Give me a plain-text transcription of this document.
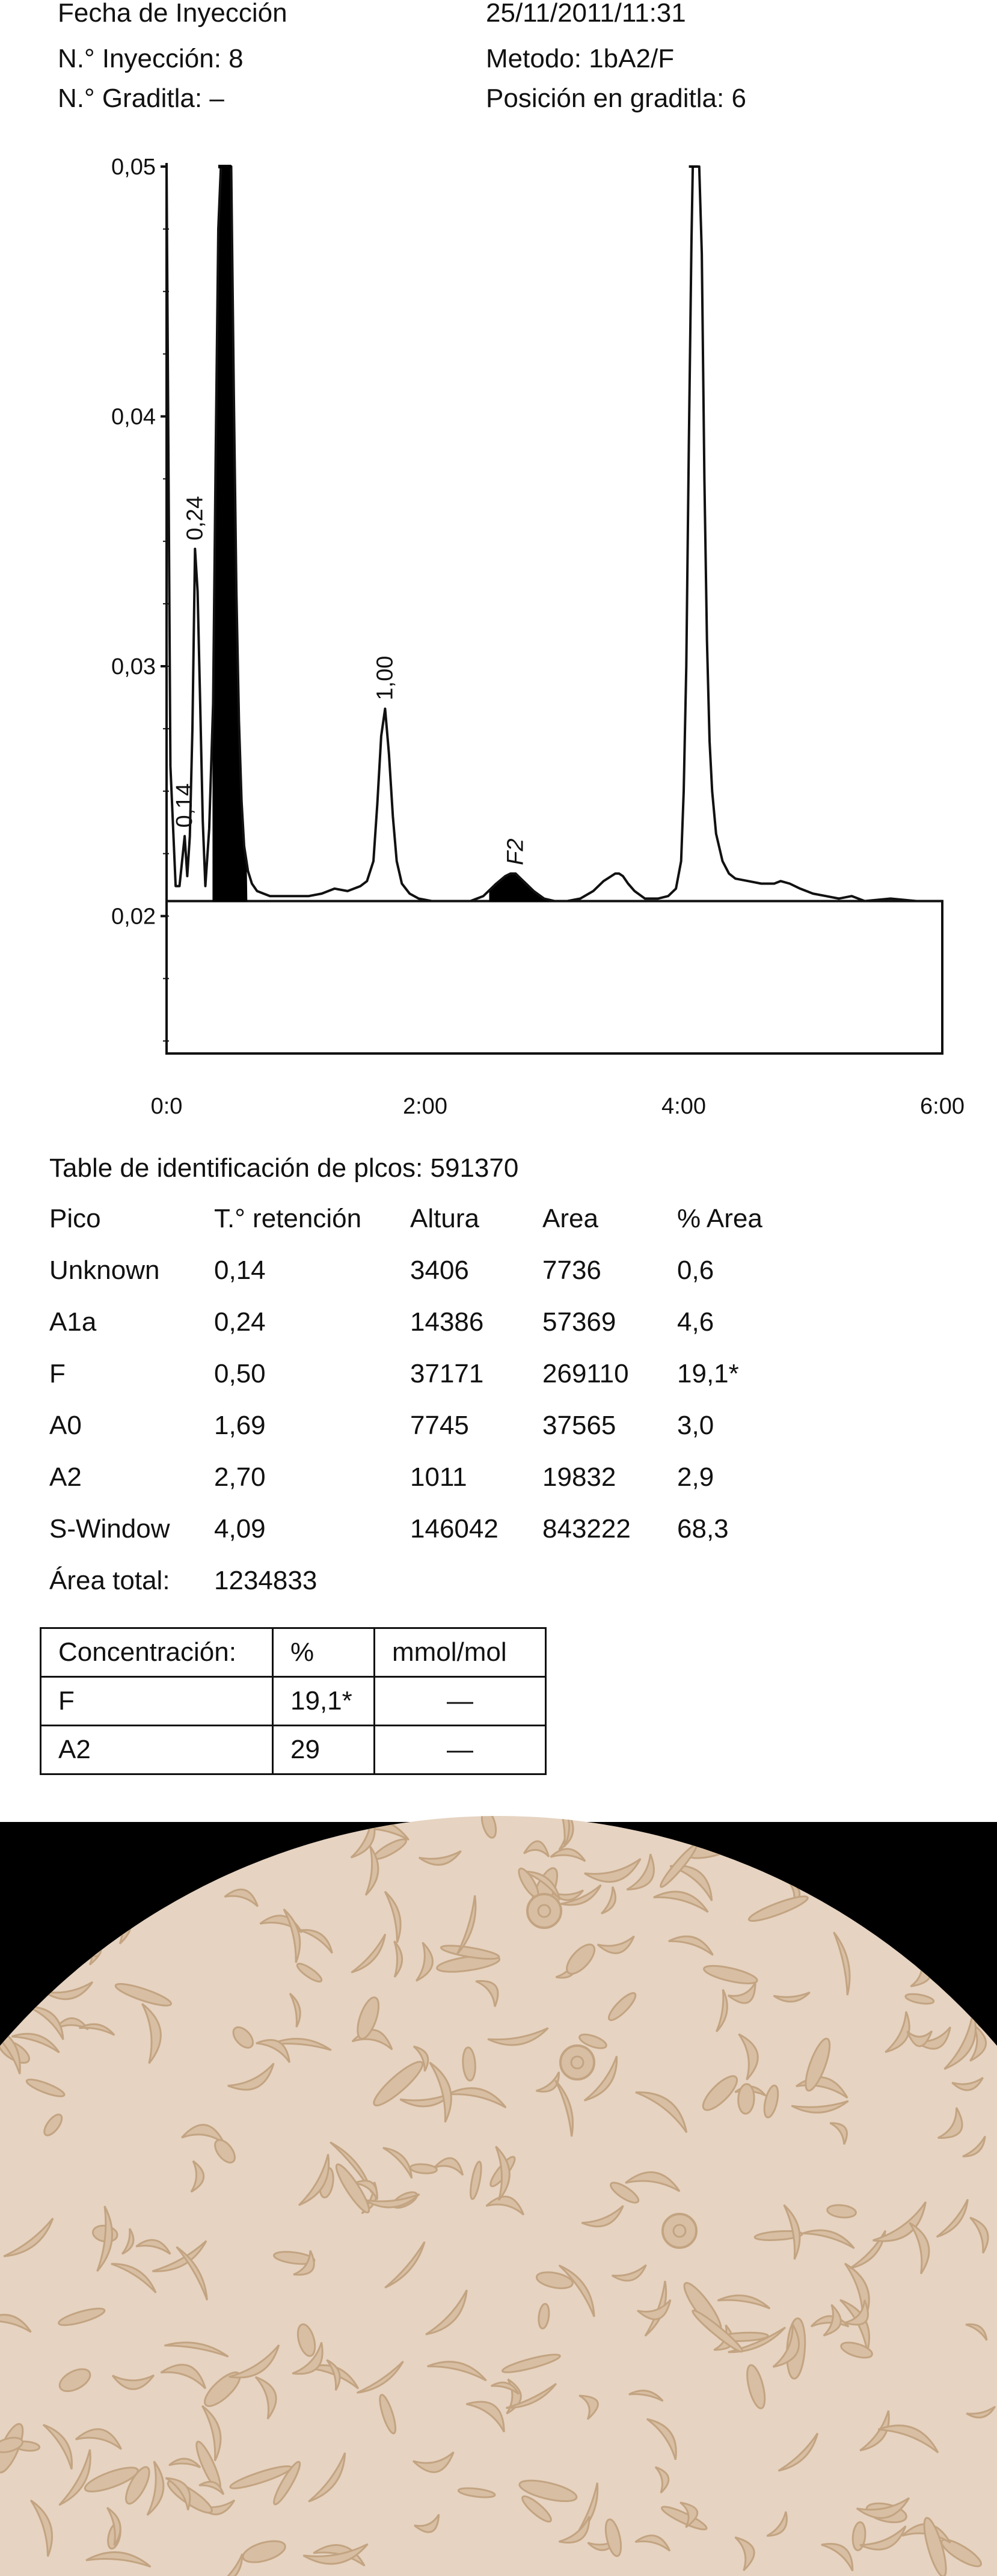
Fecha de Inyección	25/11/2011/11:31
N.° Inyección: 8	Metodo: 1bA2/F
N.° Graditla: –	Posición en graditla: 6
0,02
0,03
0,04
0,05
0:0	2:00	4:00	6:00
0,14
0,24
1,00
F2
Table de identificación de plcos: 591370
Pico	T.° retención	Altura	Area	% Area
Unknown	0,14	3406	7736	0,6
A1a	0,24	14386	57369	4,6
F	0,50	37171	269110	19,1*
A0	1,69	7745	37565	3,0
A2	2,70	1011	19832	2,9
S-Window	4,09	146042	843222	68,3
Área total:	1234833			
Concentración:	%	mmol/mol
F	19,1*	—
A2	29	—
